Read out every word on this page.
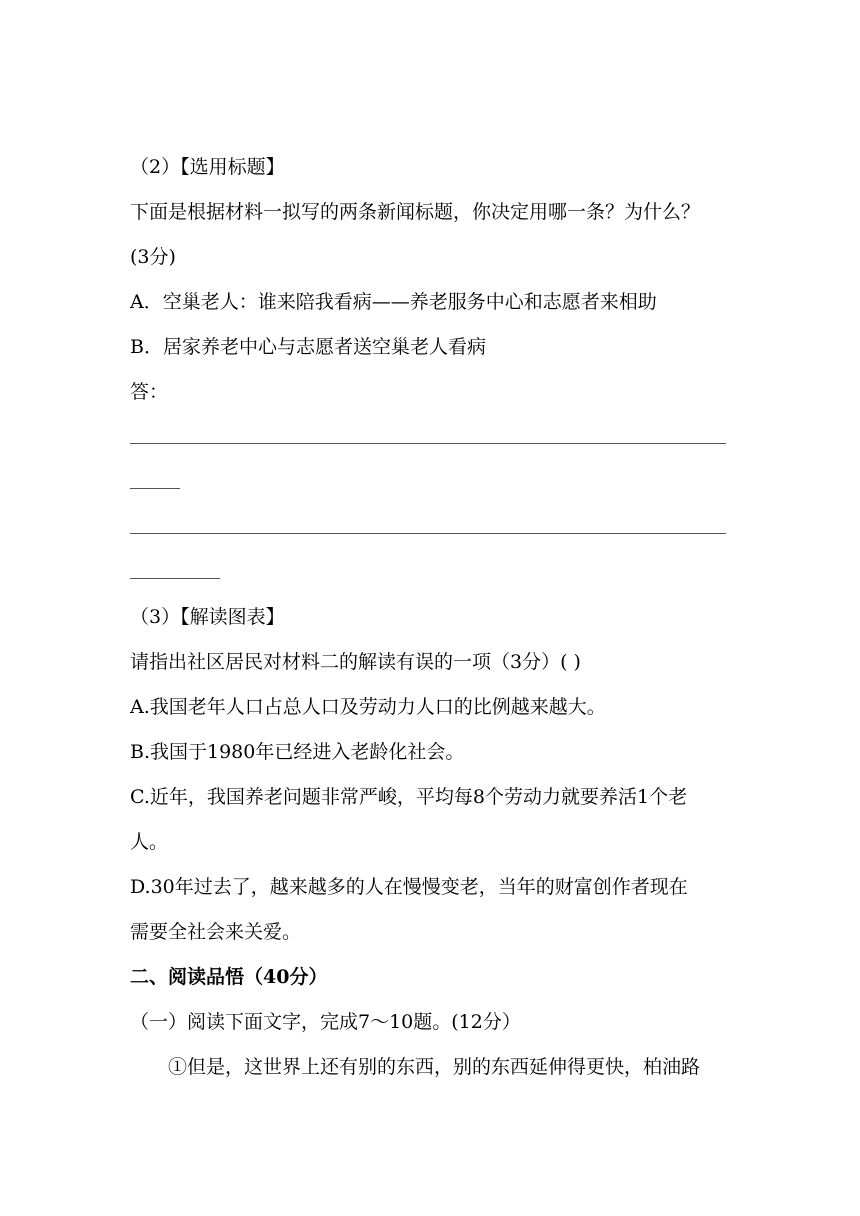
（2）【选用标题】
下面是根据材料一拟写的两条新闻标题，你决定用哪一条？为什么？
(3分)
A．空巢老人：谁来陪我看病——养老服务中心和志愿者来相助
B．居家养老中心与志愿者送空巢老人看病
答：
（3）【解读图表】
请指出社区居民对材料二的解读有误的一项（3分）( )
A.我国老年人口占总人口及劳动力人口的比例越来越大。
B.我国于1980年已经进入老龄化社会。
C.近年，我国养老问题非常严峻，平均每8个劳动力就要养活1个老
人。
D.30年过去了，越来越多的人在慢慢变老，当年的财富创作者现在
需要全社会来关爱。
二、阅读品悟（40分）
（一）阅读下面文字，完成7～10题。(12分）
①但是，这世界上还有别的东西，别的东西延伸得更快，柏油路
